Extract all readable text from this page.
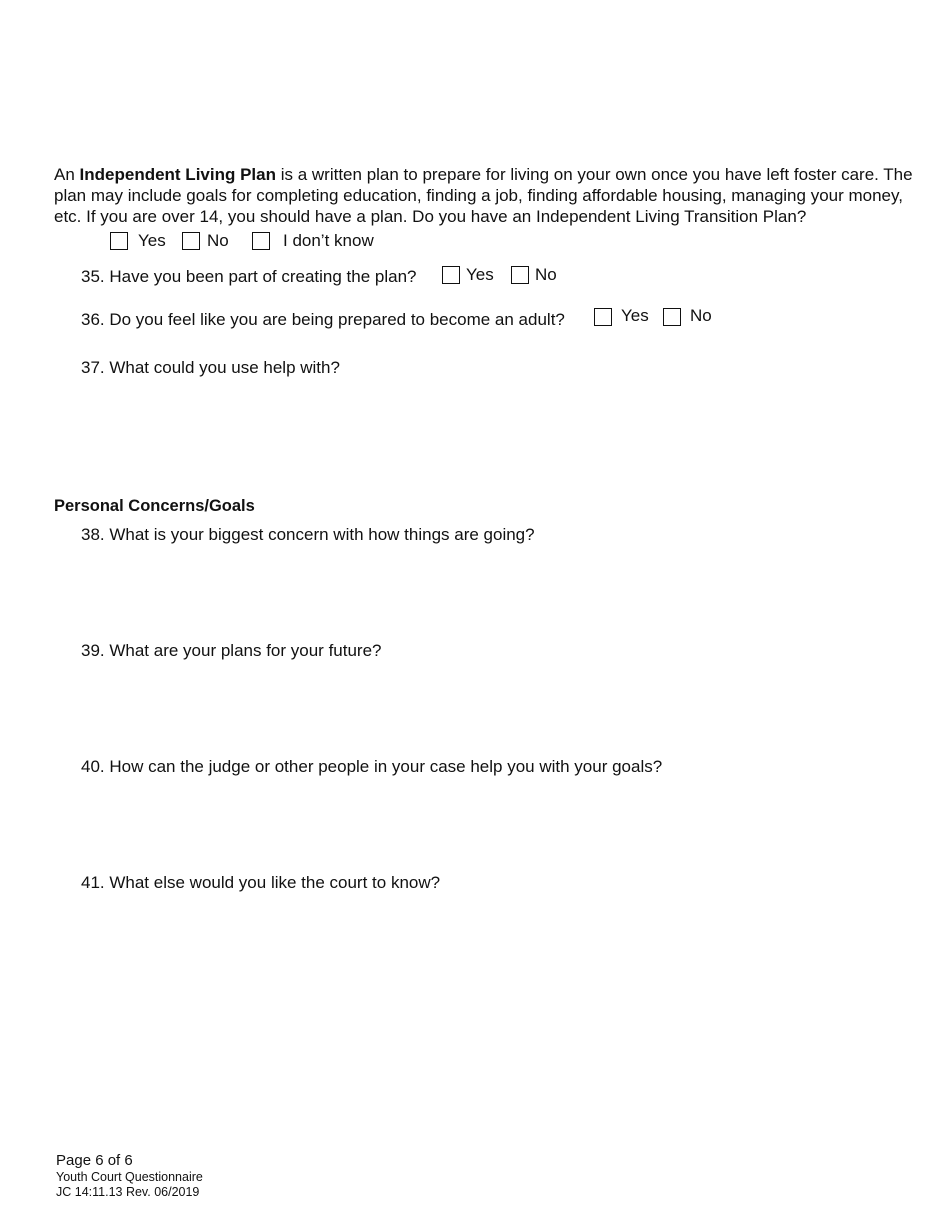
An Independent Living Plan is a written plan to prepare for living on your own once you have left foster care. The plan may include goals for completing education, finding a job, finding affordable housing, managing your money, etc. If you are over 14, you should have a plan. Do you have an Independent Living Transition Plan?
Yes No	I don’t know
35. Have you been part of creating the plan?	Yes No
36. Do you feel like you are being prepared to become an adult?	Yes No
37. What could you use help with?
Personal Concerns/Goals
38. What is your biggest concern with how things are going?
39. What are your plans for your future?
40. How can the judge or other people in your case help you with your goals?
41. What else would you like the court to know?
Page 6 of 6
Youth Court Questionnaire
JC 14:11.13 Rev. 06/2019
